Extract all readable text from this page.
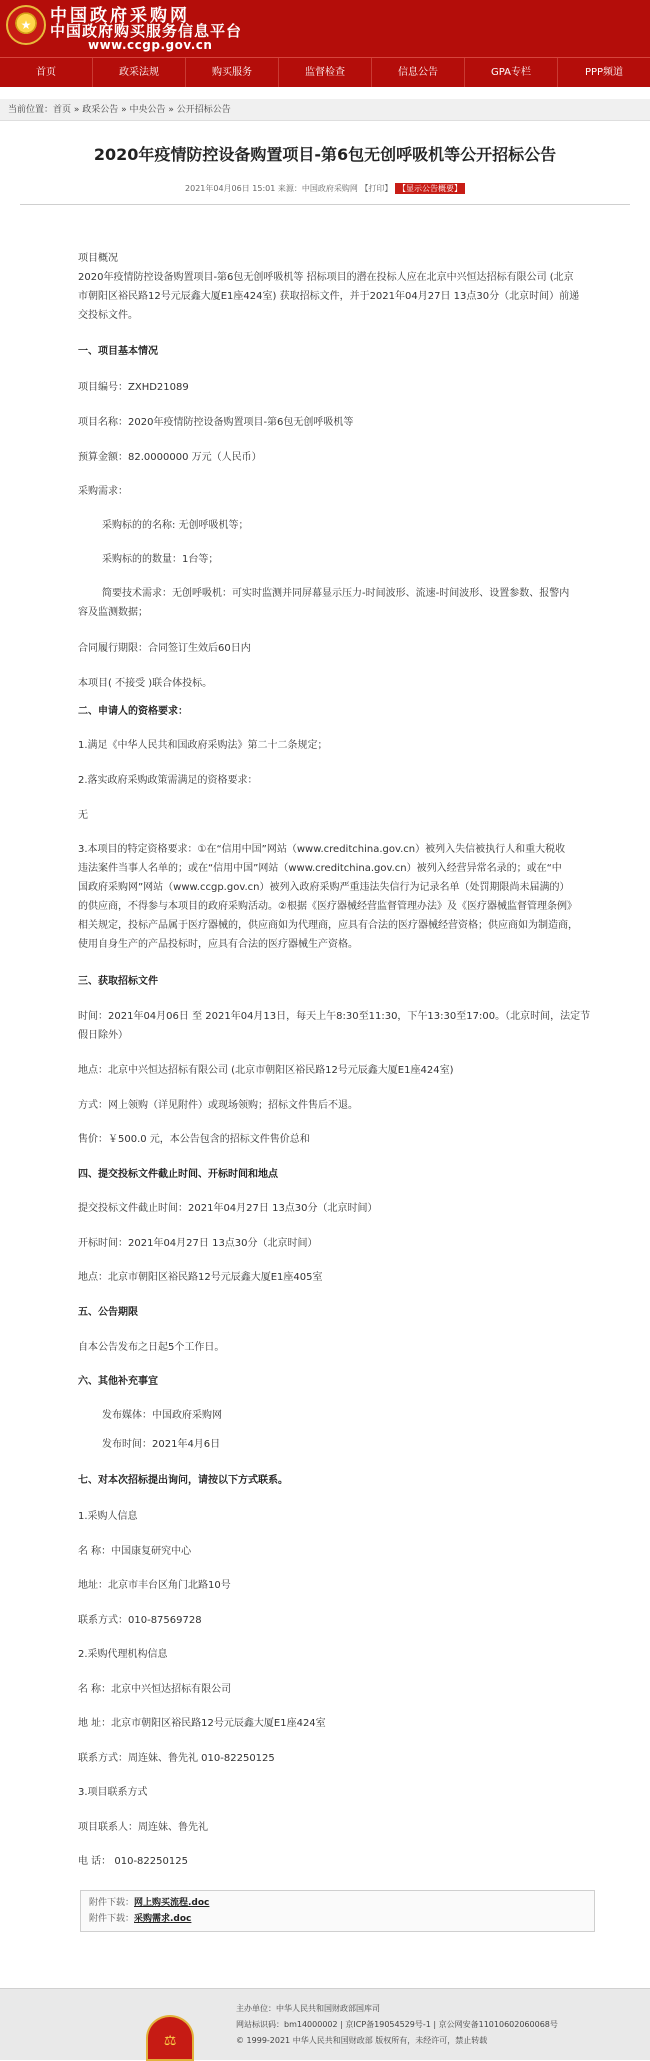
★ 中国政府采购网
中国政府购买服务信息平台
www.ccgp.gov.cn
首页	政采法规	购买服务	监督检查	信息公告	GPA专栏	PPP频道
当前位置：首页 » 政采公告 » 中央公告 » 公开招标公告
2020年疫情防控设备购置项目-第6包无创呼吸机等公开招标公告
2021年04月06日 15:01 来源：中国政府采购网 【打印】 【显示公告概要】
项目概况
2020年疫情防控设备购置项目-第6包无创呼吸机等 招标项目的潜在投标人应在北京中兴恒达招标有限公司 (北京
市朝阳区裕民路12号元辰鑫大厦E1座424室) 获取招标文件，并于2021年04月27日 13点30分（北京时间）前递
交投标文件。
一、项目基本情况
项目编号：ZXHD21089
项目名称：2020年疫情防控设备购置项目-第6包无创呼吸机等
预算金额：82.0000000 万元（人民币）
采购需求：
采购标的的名称: 无创呼吸机等；
采购标的的数量：1台等；
简要技术需求：无创呼吸机：可实时监测并同屏幕显示压力-时间波形、流速-时间波形、设置参数、报警内
容及监测数据；
合同履行期限：合同签订生效后60日内
本项目( 不接受 )联合体投标。
二、申请人的资格要求：
1.满足《中华人民共和国政府采购法》第二十二条规定；
2.落实政府采购政策需满足的资格要求：
无
3.本项目的特定资格要求：①在“信用中国”网站（www.creditchina.gov.cn）被列入失信被执行人和重大税收
违法案件当事人名单的；或在“信用中国”网站（www.creditchina.gov.cn）被列入经营异常名录的；或在“中
国政府采购网”网站（www.ccgp.gov.cn）被列入政府采购严重违法失信行为记录名单（处罚期限尚未届满的）
的供应商，不得参与本项目的政府采购活动。②根据《医疗器械经营监督管理办法》及《医疗器械监督管理条例》
相关规定，投标产品属于医疗器械的，供应商如为代理商，应具有合法的医疗器械经营资格；供应商如为制造商，
使用自身生产的产品投标时，应具有合法的医疗器械生产资格。
三、获取招标文件
时间：2021年04月06日 至 2021年04月13日，每天上午8:30至11:30，下午13:30至17:00。（北京时间，法定节
假日除外）
地点：北京中兴恒达招标有限公司 (北京市朝阳区裕民路12号元辰鑫大厦E1座424室)
方式：网上领购（详见附件）或现场领购；招标文件售后不退。
售价：￥500.0 元，本公告包含的招标文件售价总和
四、提交投标文件截止时间、开标时间和地点
提交投标文件截止时间：2021年04月27日 13点30分（北京时间）
开标时间：2021年04月27日 13点30分（北京时间）
地点：北京市朝阳区裕民路12号元辰鑫大厦E1座405室
五、公告期限
自本公告发布之日起5个工作日。
六、其他补充事宜
发布媒体：中国政府采购网
发布时间：2021年4月6日
七、对本次招标提出询问，请按以下方式联系。
1.采购人信息
名 称：中国康复研究中心
地址：北京市丰台区角门北路10号
联系方式：010-87569728
2.采购代理机构信息
名 称：北京中兴恒达招标有限公司
地 址：北京市朝阳区裕民路12号元辰鑫大厦E1座424室
联系方式：周连妹、鲁先礼 010-82250125
3.项目联系方式
项目联系人：周连妹、鲁先礼
电 话： 010-82250125
附件下载：网上购买流程.doc
附件下载：采购需求.doc
⚖
主办单位：中华人民共和国财政部国库司
网站标识码：bm14000002 | 京ICP备19054529号-1 | 京公网安备11010602060068号
© 1999-2021 中华人民共和国财政部 版权所有，未经许可，禁止转载
